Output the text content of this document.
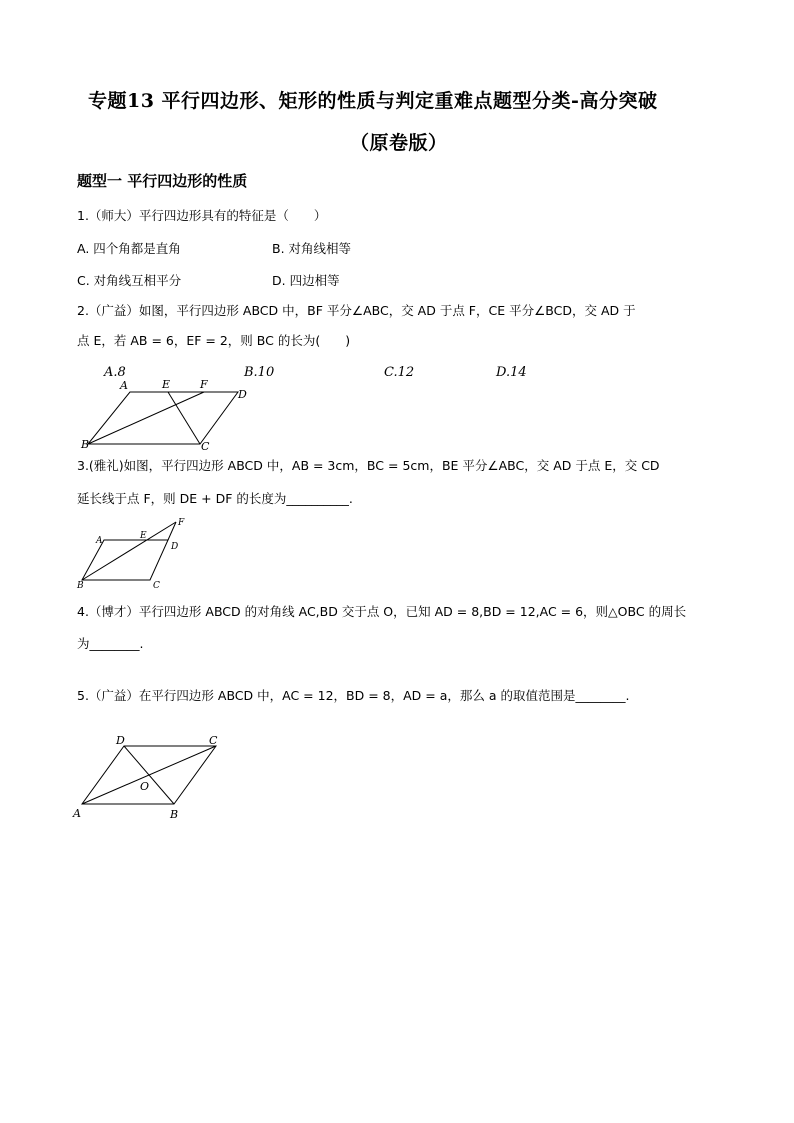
专题13 平行四边形、矩形的性质与判定重难点题型分类-高分突破
（原卷版）
题型一 平行四边形的性质
1.（师大）平行四边形具有的特征是（　　）
A. 四个角都是直角	B. 对角线相等
C. 对角线互相平分	D. 四边相等
2.（广益）如图，平行四边形 ABCD 中，BF 平分∠ABC，交 AD 于点 F，CE 平分∠BCD，交 AD 于
点 E，若 AB = 6，EF = 2，则 BC 的长为(　　)
A.8	B.10	C.12	D.14
A	E	F
D
B	C
3.(雅礼)如图，平行四边形 ABCD 中，AB = 3cm，BC = 5cm，BE 平分∠ABC，交 AD 于点 E，交 CD
延长线于点 F，则 DE + DF 的长度为__________.
A	E
F
D
B	C
4.（博才）平行四边形 ABCD 的对角线 AC,BD 交于点 O，已知 AD = 8,BD = 12,AC = 6，则△OBC 的周长
为________.
5.（广益）在平行四边形 ABCD 中，AC = 12，BD = 8，AD = a，那么 a 的取值范围是________.
D	C
O
A	B
